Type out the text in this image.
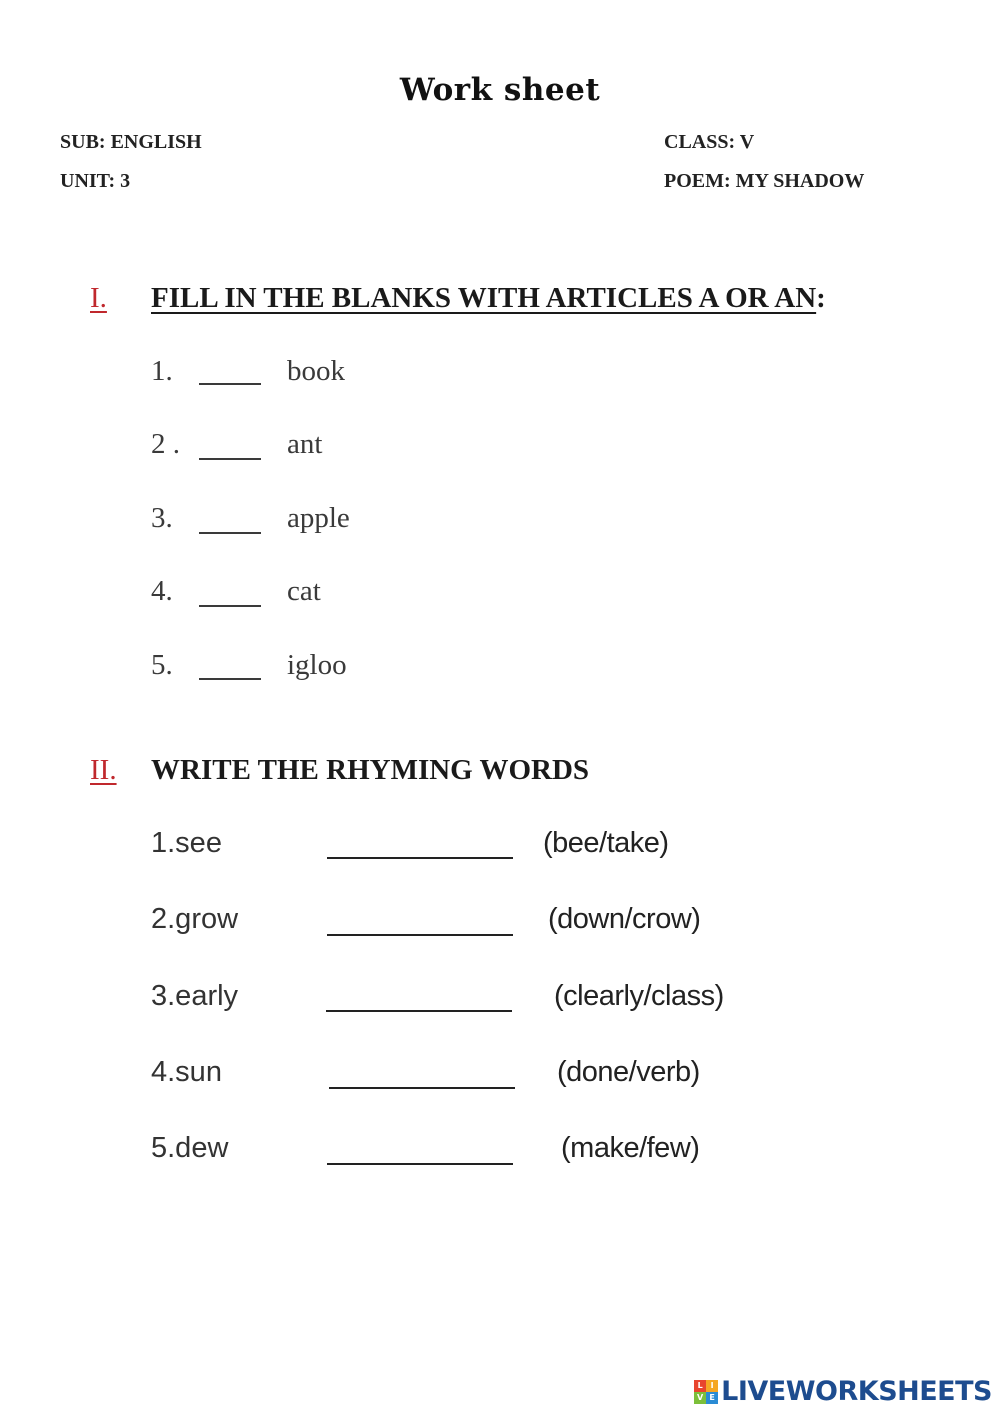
Work sheet
SUB: ENGLISH	CLASS: V
UNIT: 3	POEM: MY SHADOW
I. FILL IN THE BLANKS WITH ARTICLES A OR AN:
1.	book
2 .	ant
3.	apple
4.	cat
5.	igloo
II. WRITE THE RHYMING WORDS
1.see	(bee/take)
2.grow	(down/crow)
3.early	(clearly/class)
4.sun	(done/verb)
5.dew	(make/few)
L I
V E LIVEWORKSHEETS
